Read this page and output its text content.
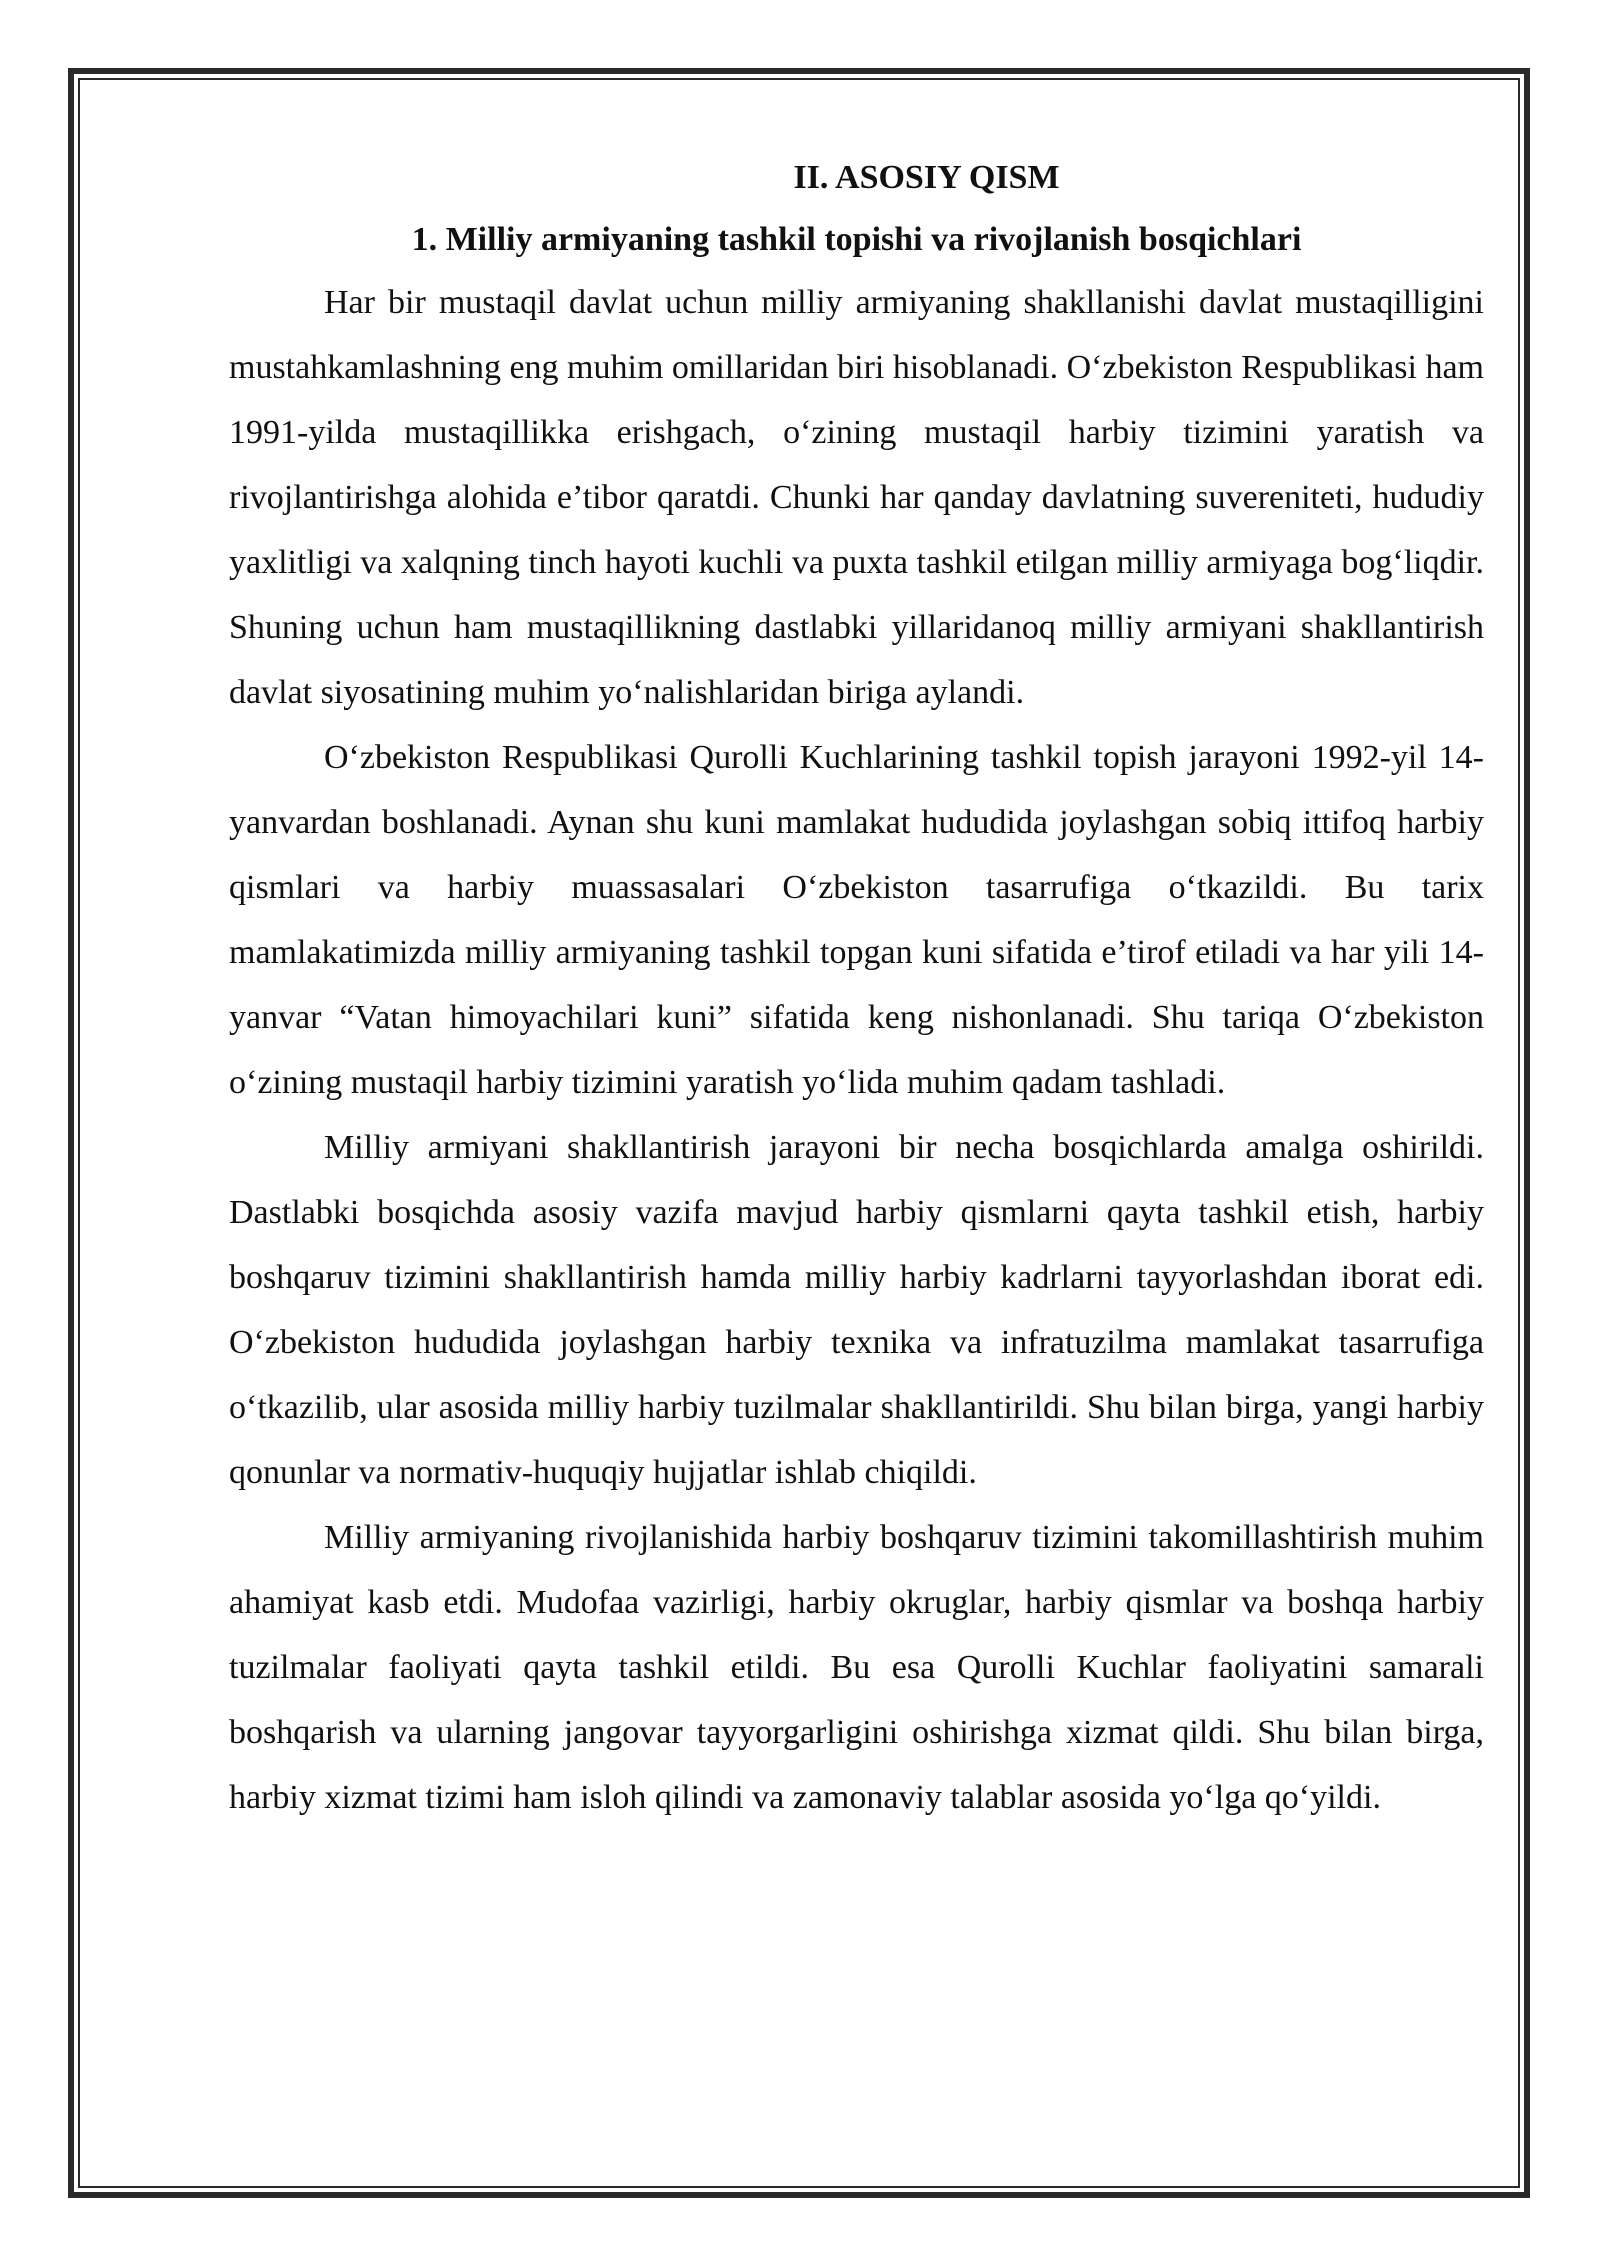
II. ASOSIY QISM
1. Milliy armiyaning tashkil topishi va rivojlanish bosqichlari

Har bir mustaqil davlat uchun milliy armiyaning shakllanishi davlat mustaqilligini mustahkamlashning eng muhim omillaridan biri hisoblanadi. O‘zbekiston Respublikasi ham 1991-yilda mustaqillikka erishgach, o‘zining mustaqil harbiy tizimini yaratish va rivojlantirishga alohida e’tibor qaratdi. Chunki har qanday davlatning suvereniteti, hududiy yaxlitligi va xalqning tinch hayoti kuchli va puxta tashkil etilgan milliy armiyaga bog‘liqdir. Shuning uchun ham mustaqillikning dastlabki yillaridanoq milliy armiyani shakllantirish davlat siyosatining muhim yo‘nalishlaridan biriga aylandi.

O‘zbekiston Respublikasi Qurolli Kuchlarining tashkil topish jarayoni 1992-yil 14-yanvardan boshlanadi. Aynan shu kuni mamlakat hududida joylashgan sobiq ittifoq harbiy qismlari va harbiy muassasalari O‘zbekiston tasarrufiga o‘tkazildi. Bu tarix mamlakatimizda milliy armiyaning tashkil topgan kuni sifatida e’tirof etiladi va har yili 14-yanvar “Vatan himoyachilari kuni” sifatida keng nishonlanadi. Shu tariqa O‘zbekiston o‘zining mustaqil harbiy tizimini yaratish yo‘lida muhim qadam tashladi.

Milliy armiyani shakllantirish jarayoni bir necha bosqichlarda amalga oshirildi. Dastlabki bosqichda asosiy vazifa mavjud harbiy qismlarni qayta tashkil etish, harbiy boshqaruv tizimini shakllantirish hamda milliy harbiy kadrlarni tayyorlashdan iborat edi. O‘zbekiston hududida joylashgan harbiy texnika va infratuzilma mamlakat tasarrufiga o‘tkazilib, ular asosida milliy harbiy tuzilmalar shakllantirildi. Shu bilan birga, yangi harbiy qonunlar va normativ-huquqiy hujjatlar ishlab chiqildi.

Milliy armiyaning rivojlanishida harbiy boshqaruv tizimini takomillashtirish muhim ahamiyat kasb etdi. Mudofaa vazirligi, harbiy okruglar, harbiy qismlar va boshqa harbiy tuzilmalar faoliyati qayta tashkil etildi. Bu esa Qurolli Kuchlar faoliyatini samarali boshqarish va ularning jangovar tayyorgarligini oshirishga xizmat qildi. Shu bilan birga, harbiy xizmat tizimi ham isloh qilindi va zamonaviy talablar asosida yo‘lga qo‘yildi.
